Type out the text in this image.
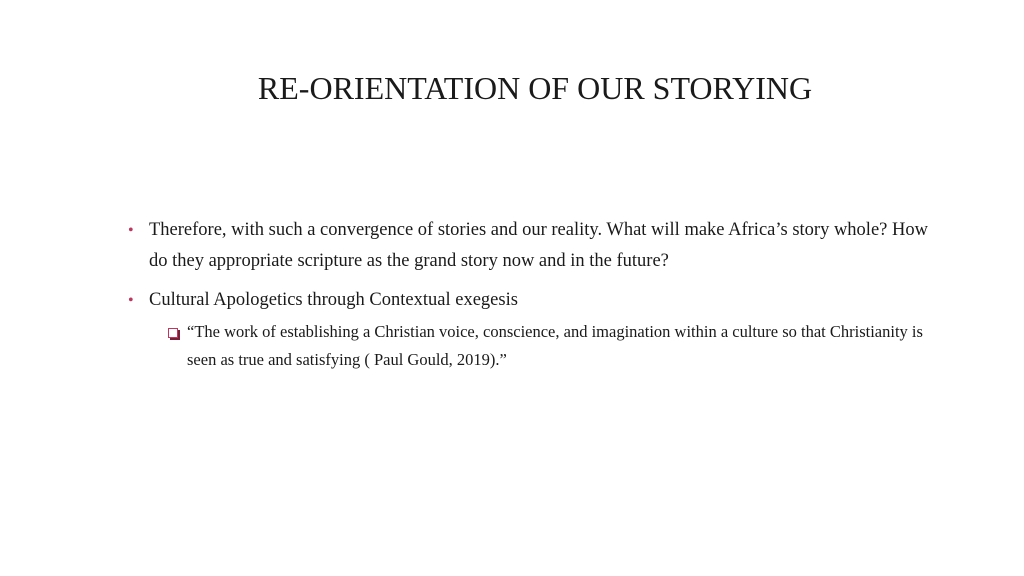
RE-ORIENTATION OF OUR STORYING
• Therefore, with such a convergence of stories and our reality. What will make Africa’s story whole? How do they appropriate scripture as the grand story now and in the future?
• Cultural Apologetics through Contextual exegesis
“The work of establishing a Christian voice, conscience, and imagination within a culture so that Christianity is seen as true and satisfying ( Paul Gould, 2019).”
